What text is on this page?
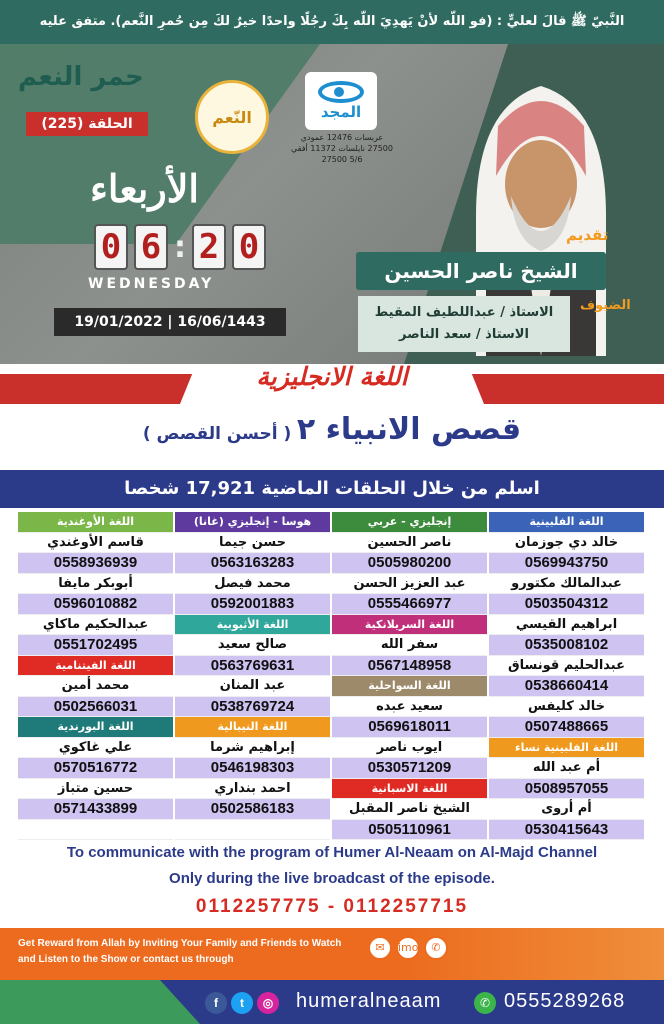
النَّبيّ ﷺ قالَ لعليٍّ : (فو اللّه لأنْ يَهدِيَ اللّه بِكَ رجُلًا واحدًا خيرٌ لكَ مِن حُمرِ النَّعم). متفق عليه
حمر النعم
الحلقة (225)	النّعم	المجد
عربسات 12476 عمودي 27500 نايلسات 11372 أفقي 5/6 27500
الأربعاء
0 6 : 2 0
WEDNESDAY
19/01/2022 | 16/06/1443
تقديم
الشيخ ناصر الحسين
الضيوف
الاستاذ / عبداللطيف المقيط
الاستاذ / سعد الناصر
اللغة الانجليزية
قصص الانبياء ٢ ( أحسن القصص )
اسلم من خلال الحلقات الماضية 17,921 شخصا
اللغة الفلبينية
خالد دي جوزمان
0569943750
عبدالمالك مكتورو
0503504312
ابراهيم القيسي
0535008102
عبدالحليم قونساق
0538660414
خالد كليفس
0507488665
اللغة الفلبينية نساء
أم عبد الله
0508957055
أم أروى
0530415643
إنجليزي - عربي
ناصر الحسين
0505980200
عبد العزيز الحسن
0555466977
اللغة السريلانكية
سفر الله
0567148958
اللغة السواحلية
سعيد عبده
0569618011
ايوب ناصر
0530571209
اللغة الاسبانية
الشيخ ناصر المقبل
0505110961
هوسا - إنجليزي (غانا)
حسن جيما
0563163283
محمد فيصل
0592001883
اللغة الأثيوبية
صالح سعيد
0563769631
عبد المنان
0538769724
اللغة النيبالية
إبراهيم شرما
0546198303
احمد بنداري
0502586183
اللغة الأوغندية
قاسم الأوغندي
0558936939
أبوبكر مايفا
0596010882
عبدالحكيم ماكاي
0551702495
اللغة الفيتنامية
محمد أمين
0502566031
اللغة البورندية
علي غاكوي
0570516772
حسين متباز
0571433899
To communicate with the program of Humer Al-Neaam on Al-Majd Channel
Only during the live broadcast of the episode.
0112257775 - 0112257715
Get Reward from Allah by Inviting Your Family and Friends to Watch and Listen to the Show or contact us through
✉	imo	✆
f	t	◎ humeralneaam	✆ 0555289268
